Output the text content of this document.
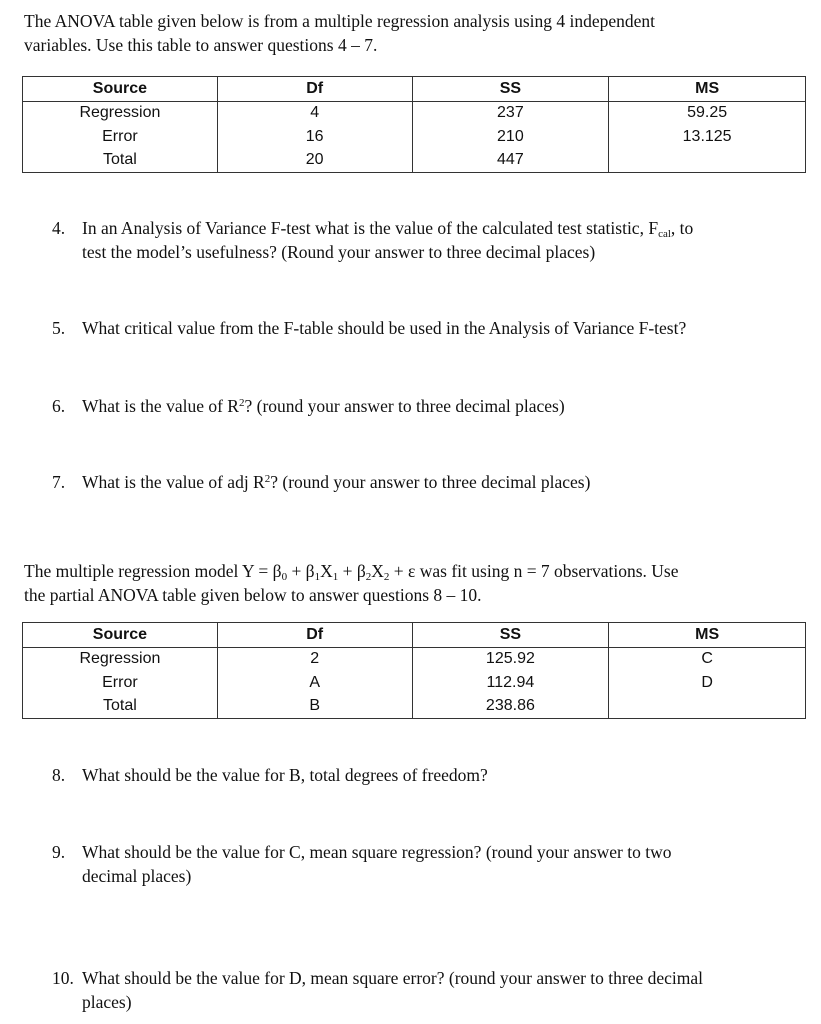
The ANOVA table given below is from a multiple regression analysis using 4 independent
variables. Use this table to answer questions 4 – 7.
Source	Df	SS	MS
Regression	4	237	59.25
Error	16	210	13.125
Total	20	447	
4. In an Analysis of Variance F-test what is the value of the calculated test statistic, $F_{cal}$, to
test the model’s usefulness? (Round your answer to three decimal places)
5. What critical value from the F-table should be used in the Analysis of Variance F-test?
6. What is the value of $R^2$? (round your answer to three decimal places)
7. What is the value of adj $R^2$? (round your answer to three decimal places)
The multiple regression model $Y = \beta_0 + \beta_1X_1 + \beta_2X_2 + \varepsilon$ was fit using n = 7 observations. Use
the partial ANOVA table given below to answer questions 8 – 10.
Source	Df	SS	MS
Regression	2	125.92	C
Error	A	112.94	D
Total	B	238.86	
8. What should be the value for B, total degrees of freedom?
9. What should be the value for C, mean square regression? (round your answer to two
decimal places)
10. What should be the value for D, mean square error? (round your answer to three decimal
places)
